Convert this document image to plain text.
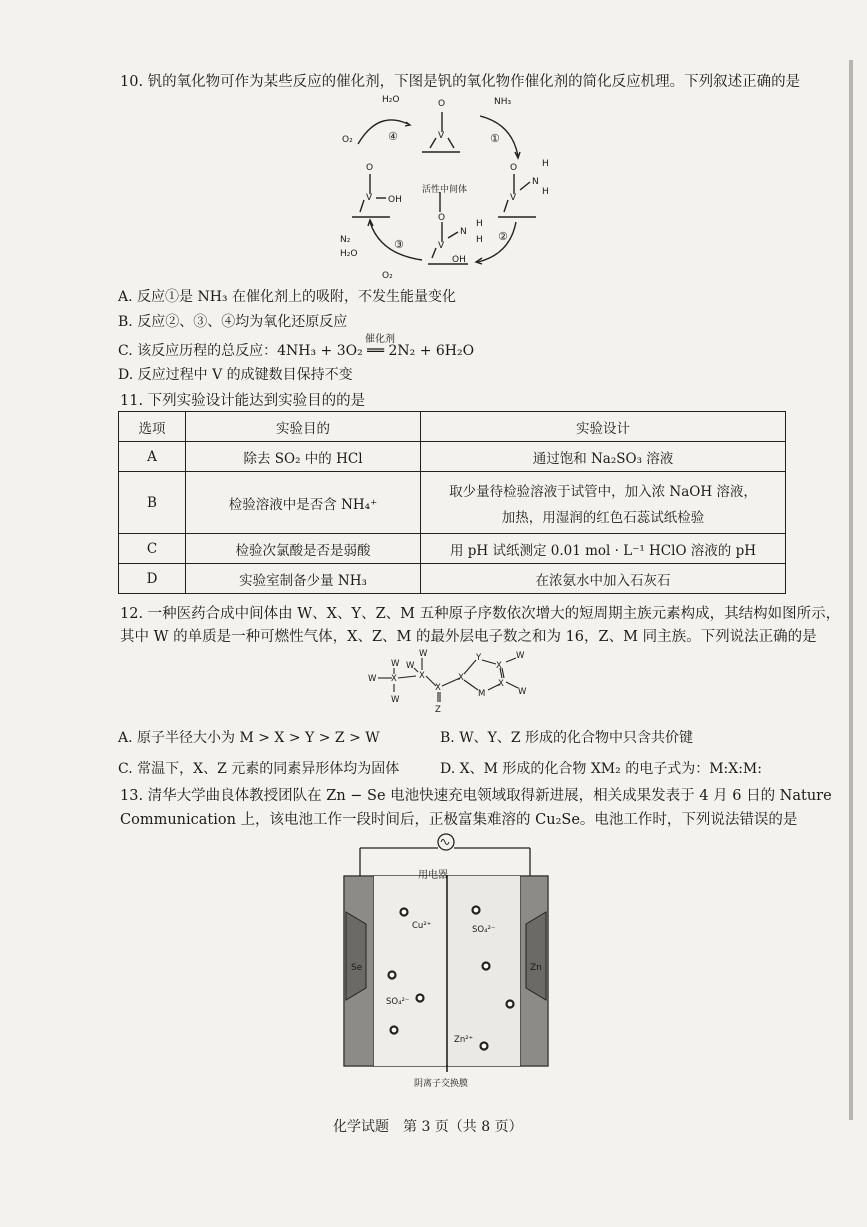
10. 钒的氧化物可作为某些反应的催化剂，下图是钒的氧化物作催化剂的简化反应机理。下列叙述正确的是
H₂O
O₂	④
O
V
NH₃
①
O
V OH
活性中间体
O
V
N
H
H
N₂
H₂O
③
O₂
O
V
N
H
H
OH
②
A. 反应①是 NH₃ 在催化剂上的吸附，不发生能量变化
B. 反应②、③、④均为氧化还原反应
C. 该反应历程的总反应：4NH₃ + 3O₂ ══ 2N₂ + 6H₂O
催化剂
D. 反应过程中 V 的成键数目保持不变
11. 下列实验设计能达到实验目的的是
选项	实验目的	实验设计
A	除去 SO₂ 中的 HCl	通过饱和 Na₂SO₃ 溶液
B	检验溶液中是否含 NH₄⁺	取少量待检验溶液于试管中，加入浓 NaOH 溶液，
加热，用湿润的红色石蕊试纸检验

C	检验次氯酸是否是弱酸	用 pH 试纸测定 0.01 mol · L⁻¹ HClO 溶液的 pH
D	实验室制备少量 NH₃	在浓氨水中加入石灰石
12. 一种医药合成中间体由 W、X、Y、Z、M 五种原子序数依次增大的短周期主族元素构成，其结构如图所示，
其中 W 的单质是一种可燃性气体，X、Z、M 的最外层电子数之和为 16，Z、M 同主族。下列说法正确的是
W
W
X
W
W
W
X
X
Z
X
Y
X
M
X
W
W
A. 原子半径大小为 M > X > Y > Z > W	B. W、Y、Z 形成的化合物中只含共价键
C. 常温下，X、Z 元素的同素异形体均为固体	D. X、M 形成的化合物 XM₂ 的电子式为：M:X:M:
13. 清华大学曲良体教授团队在 Zn − Se 电池快速充电领域取得新进展，相关成果发表于 4 月 6 日的 Nature
Communication 上，该电池工作一段时间后，正极富集难溶的 Cu₂Se。电池工作时，下列说法错误的是
用电器
Cu²⁺
SO₄²⁻
SO₄²⁻
Zn²⁺
Se	Zn
阴离子交换膜
化学试题　第 3 页（共 8 页）
